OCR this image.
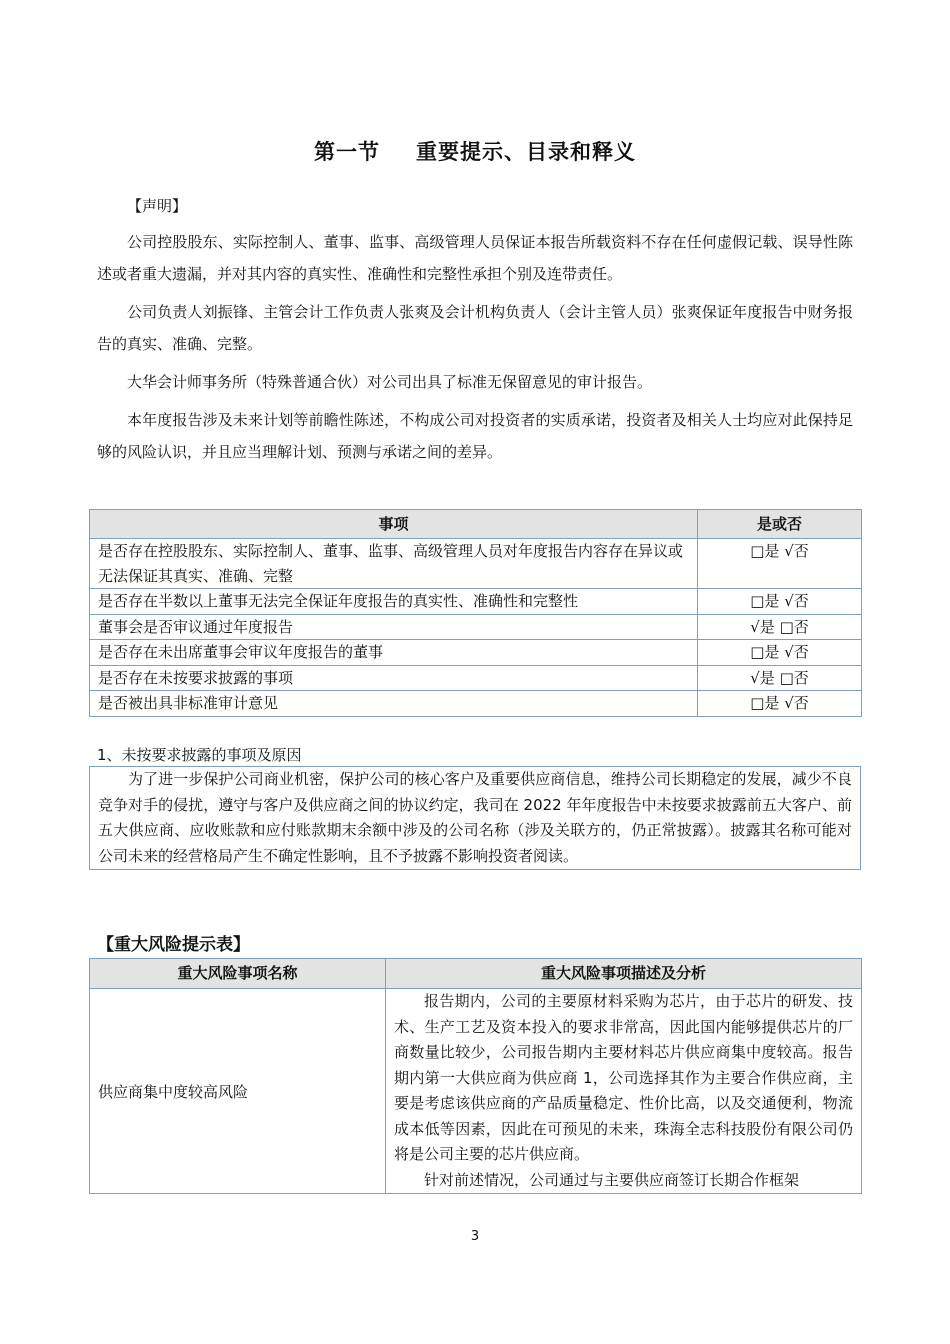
第一节 重要提示、目录和释义
【声明】

公司控股股东、实际控制人、董事、监事、高级管理人员保证本报告所载资料不存在任何虚假记载、误导性陈述或者重大遗漏，并对其内容的真实性、准确性和完整性承担个别及连带责任。

公司负责人刘振锋、主管会计工作负责人张爽及会计机构负责人（会计主管人员）张爽保证年度报告中财务报告的真实、准确、完整。

大华会计师事务所（特殊普通合伙）对公司出具了标准无保留意见的审计报告。

本年度报告涉及未来计划等前瞻性陈述，不构成公司对投资者的实质承诺，投资者及相关人士均应对此保持足够的风险认识，并且应当理解计划、预测与承诺之间的差异。

事项	是或否
是否存在控股股东、实际控制人、董事、监事、高级管理人员对年度报告内容存在异议或无法保证其真实、准确、完整	□是 √否
是否存在半数以上董事无法完全保证年度报告的真实性、准确性和完整性	□是 √否
董事会是否审议通过年度报告	√是 □否
是否存在未出席董事会审议年度报告的董事	□是 √否
是否存在未按要求披露的事项	√是 □否
是否被出具非标准审计意见	□是 √否
1、未按要求披露的事项及原因
为了进一步保护公司商业机密，保护公司的核心客户及重要供应商信息，维持公司长期稳定的发展，减少不良竞争对手的侵扰，遵守与客户及供应商之间的协议约定，我司在 2022 年年度报告中未按要求披露前五大客户、前五大供应商、应收账款和应付账款期末余额中涉及的公司名称（涉及关联方的，仍正常披露）。披露其名称可能对公司未来的经营格局产生不确定性影响，且不予披露不影响投资者阅读。
【重大风险提示表】
重大风险事项名称	重大风险事项描述及分析
供应商集中度较高风险	报告期内，公司的主要原材料采购为芯片，由于芯片的研发、技术、生产工艺及资本投入的要求非常高，因此国内能够提供芯片的厂商数量比较少，公司报告期内主要材料芯片供应商集中度较高。报告期内第一大供应商为供应商 1，公司选择其作为主要合作供应商，主要是考虑该供应商的产品质量稳定、性价比高，以及交通便利，物流成本低等因素，因此在可预见的未来，珠海全志科技股份有限公司仍将是公司主要的芯片供应商。

针对前述情况，公司通过与主要供应商签订长期合作框架

3
